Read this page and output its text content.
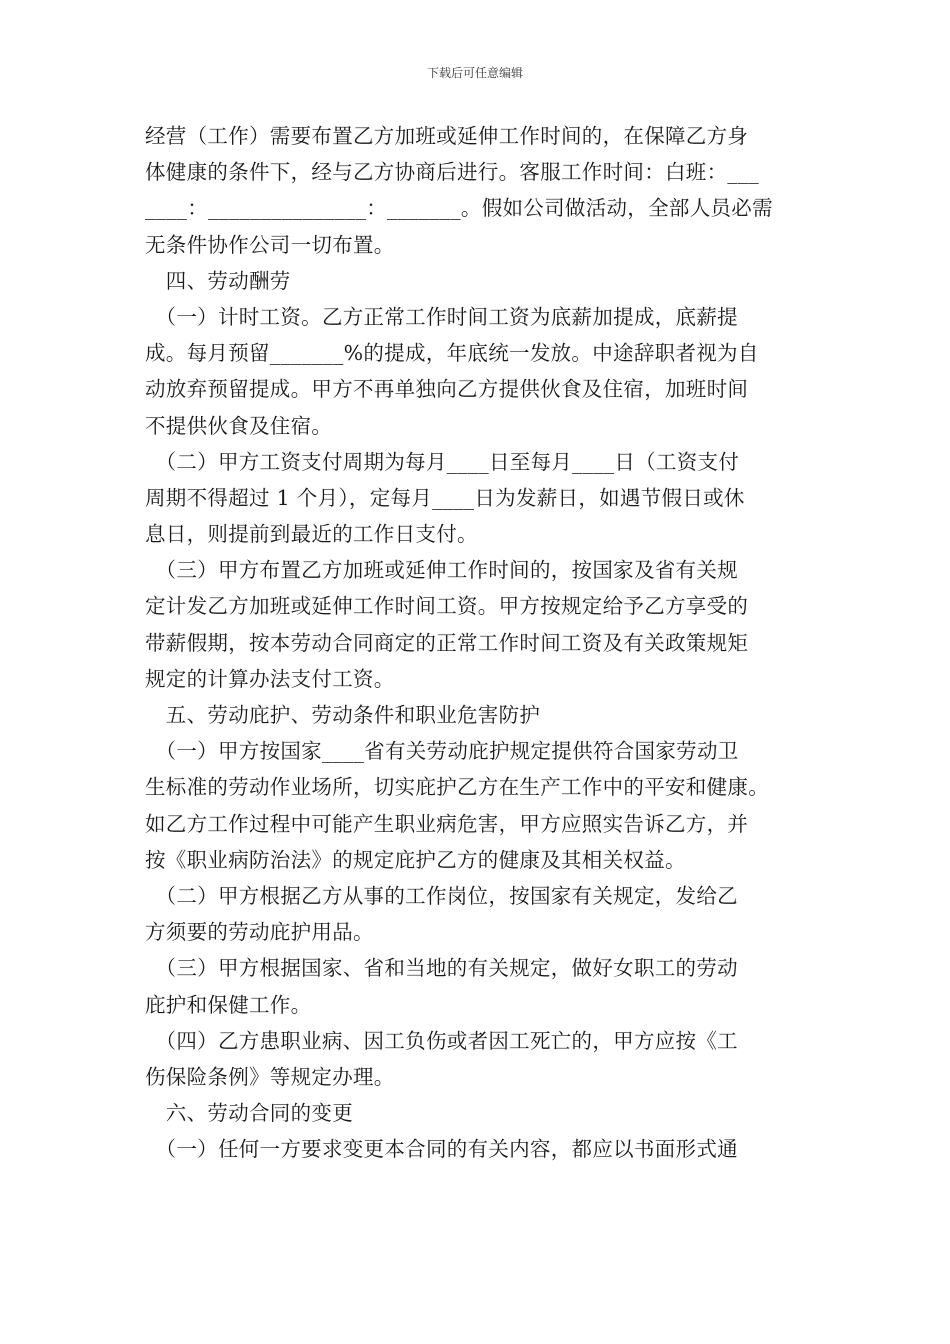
下载后可任意编辑
经营（工作）需要布置乙方加班或延伸工作时间的，在保障乙方身
体健康的条件下，经与乙方协商后进行。客服工作时间：白班：___
____：_______________：_______。假如公司做活动，全部人员必需
无条件协作公司一切布置。
　四、劳动酬劳
　（一）计时工资。乙方正常工作时间工资为底薪加提成，底薪提
成。每月预留_______%的提成，年底统一发放。中途辞职者视为自
动放弃预留提成。甲方不再单独向乙方提供伙食及住宿，加班时间
不提供伙食及住宿。
　（二）甲方工资支付周期为每月____日至每月____日（工资支付
周期不得超过 1 个月），定每月____日为发薪日，如遇节假日或休
息日，则提前到最近的工作日支付。
　（三）甲方布置乙方加班或延伸工作时间的，按国家及省有关规
定计发乙方加班或延伸工作时间工资。甲方按规定给予乙方享受的
带薪假期，按本劳动合同商定的正常工作时间工资及有关政策规矩
规定的计算办法支付工资。
　五、劳动庇护、劳动条件和职业危害防护
　（一）甲方按国家____省有关劳动庇护规定提供符合国家劳动卫
生标准的劳动作业场所，切实庇护乙方在生产工作中的平安和健康。
如乙方工作过程中可能产生职业病危害，甲方应照实告诉乙方，并
按《职业病防治法》的规定庇护乙方的健康及其相关权益。
　（二）甲方根据乙方从事的工作岗位，按国家有关规定，发给乙
方须要的劳动庇护用品。
　（三）甲方根据国家、省和当地的有关规定，做好女职工的劳动
庇护和保健工作。
　（四）乙方患职业病、因工负伤或者因工死亡的，甲方应按《工
伤保险条例》等规定办理。
　六、劳动合同的变更
　（一）任何一方要求变更本合同的有关内容，都应以书面形式通
